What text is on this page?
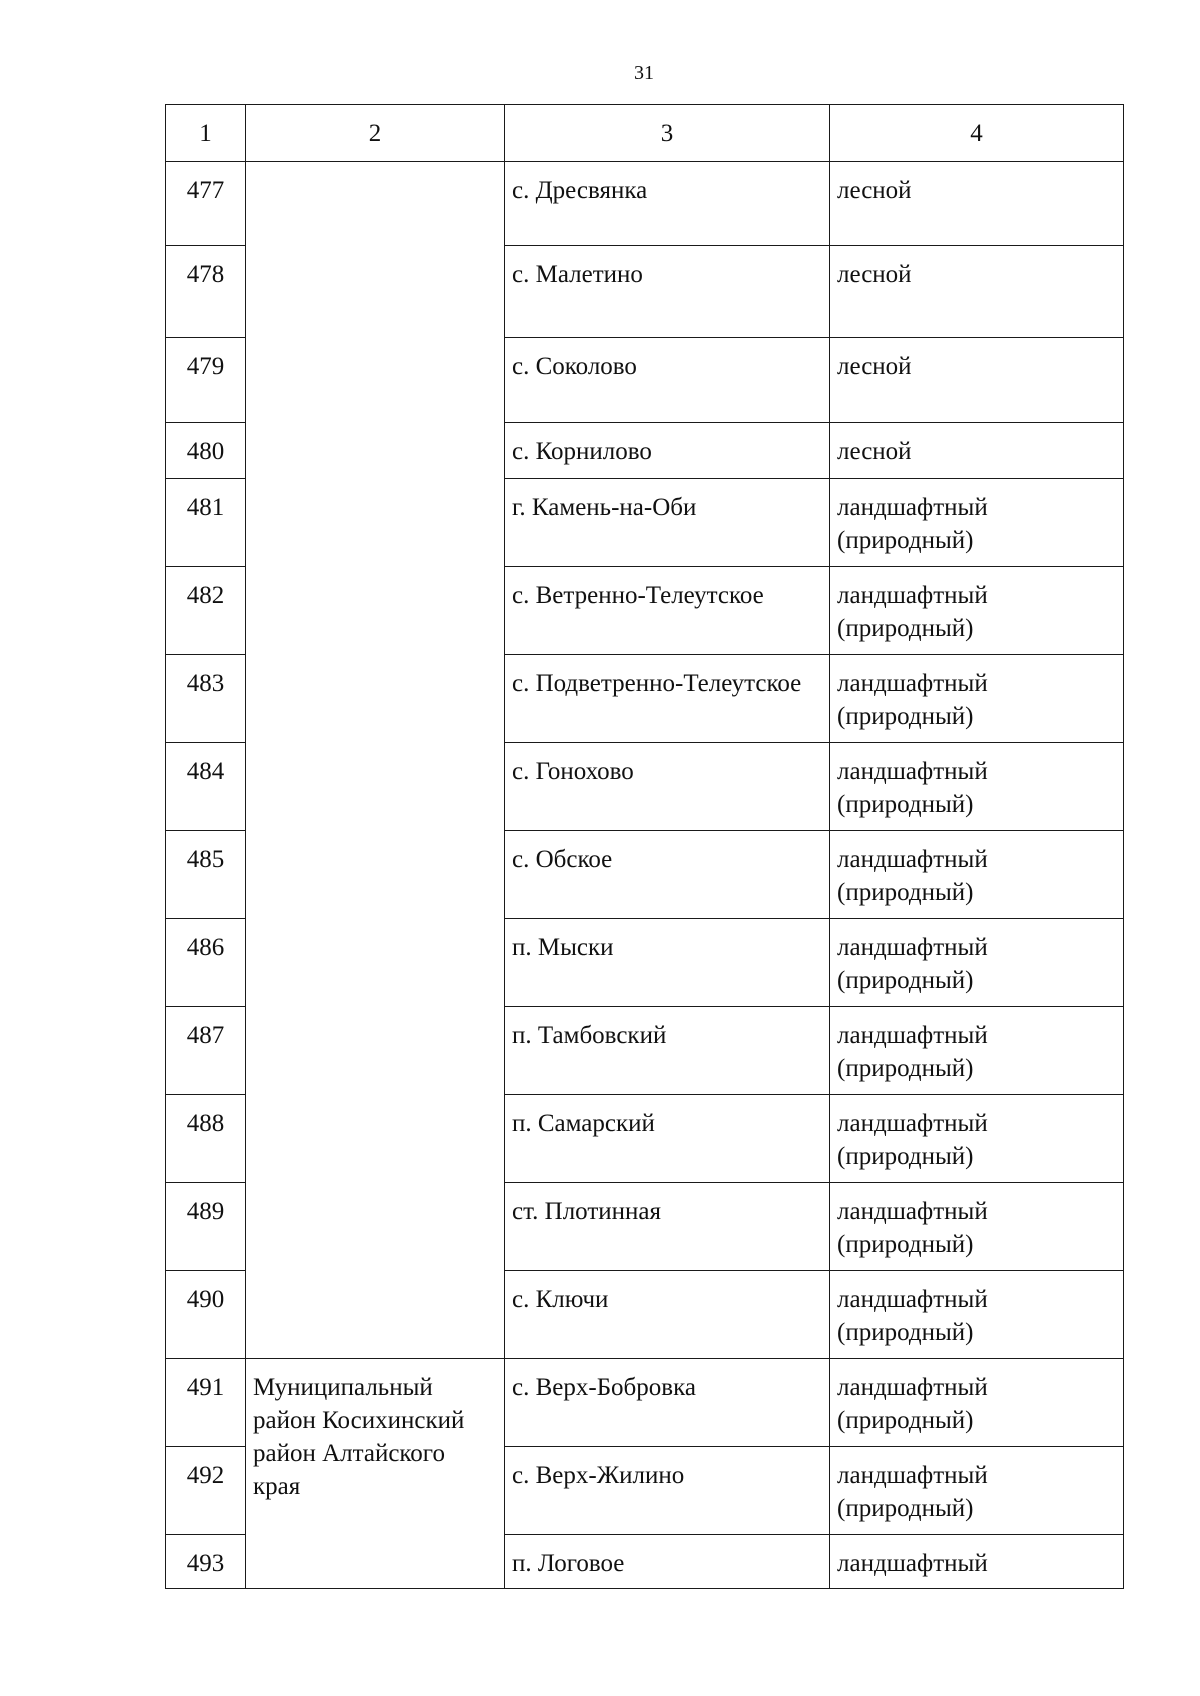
31
1	2	3	4
477		с. Дресвянка	лесной
478		с. Малетино	лесной
479		с. Соколово	лесной
480		с. Корнилово	лесной
481		г. Камень-на-Оби	ландшафтный
(природный)
482		с. Ветренно-Телеутское	ландшафтный
(природный)
483		с. Подветренно-Телеутское	ландшафтный
(природный)
484		с. Гонохово	ландшафтный
(природный)
485		с. Обское	ландшафтный
(природный)
486		п. Мыски	ландшафтный
(природный)
487		п. Тамбовский	ландшафтный
(природный)
488		п. Самарский	ландшафтный
(природный)
489		ст. Плотинная	ландшафтный
(природный)
490		с. Ключи	ландшафтный
(природный)
491	Муниципальный район Косихинский район Алтайского края	с. Верх-Бобровка	ландшафтный
(природный)
492		с. Верх-Жилино	ландшафтный
(природный)
493		п. Логовое	ландшафтный
